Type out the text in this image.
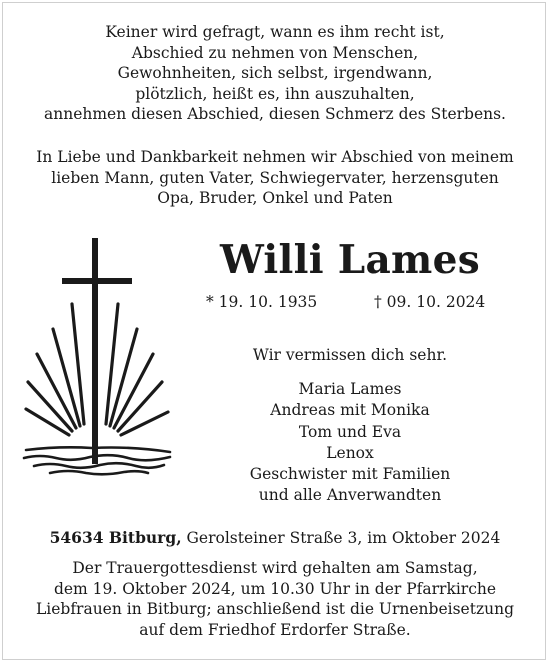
Keiner wird gefragt, wann es ihm recht ist,
Abschied zu nehmen von Menschen,
Gewohnheiten, sich selbst, irgendwann,
plötzlich, heißt es, ihn auszuhalten,
annehmen diesen Abschied, diesen Schmerz des Sterbens.
In Liebe und Dankbarkeit nehmen wir Abschied von meinem
lieben Mann, guten Vater, Schwiegervater, herzensguten
Opa, Bruder, Onkel und Paten
Willi Lames
* 19. 10. 1935	† 09. 10. 2024
Wir vermissen dich sehr.
Maria Lames
Andreas mit Monika
Tom und Eva
Lenox
Geschwister mit Familien
und alle Anverwandten
54634 Bitburg, Gerolsteiner Straße 3, im Oktober 2024
Der Trauergottesdienst wird gehalten am Samstag,
dem 19. Oktober 2024, um 10.30 Uhr in der Pfarrkirche
Liebfrauen in Bitburg; anschließend ist die Urnenbeisetzung
auf dem Friedhof Erdorfer Straße.
